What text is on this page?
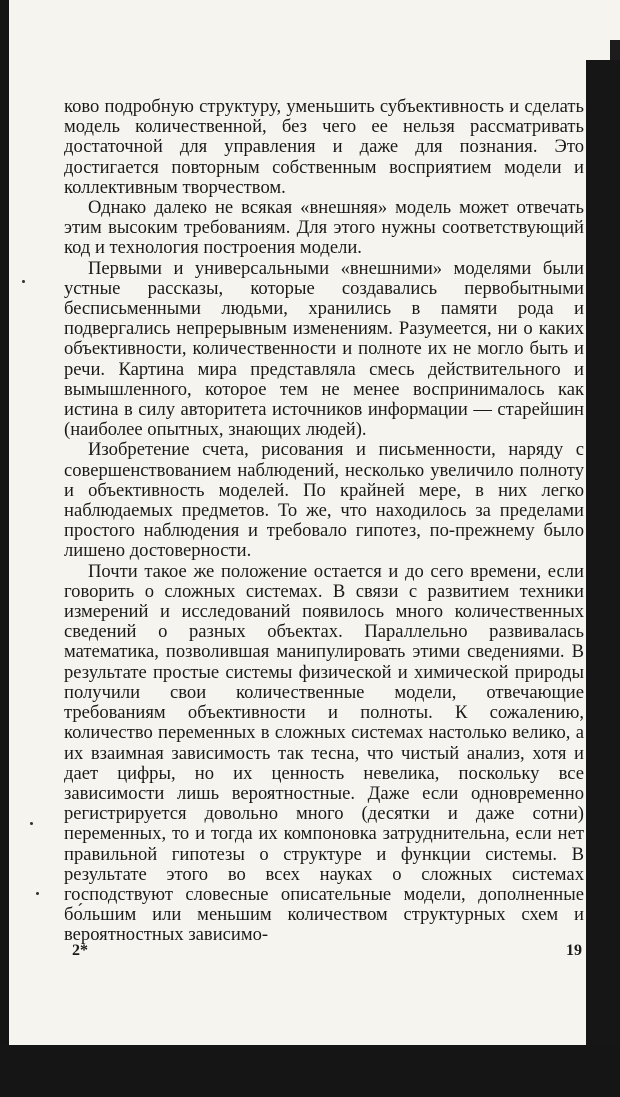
ково подробную структуру, уменьшить субъективность и сделать модель количественной, без чего ее нельзя рассматривать достаточной для управления и даже для познания. Это достигается повторным собственным восприятием модели и коллективным творчеством.

Однако далеко не всякая «внешняя» модель может отвечать этим высоким требованиям. Для этого нужны соответствующий код и технология построения модели.

Первыми и универсальными «внешними» моделями были устные рассказы, которые создавались первобытными бесписьменными людьми, хранились в памяти рода и подвергались непрерывным изменениям. Разумеется, ни о каких объективности, количественности и полноте их не могло быть и речи. Картина мира представляла смесь действительного и вымышленного, которое тем не менее воспринималось как истина в силу авторитета источников информации — старейшин (наиболее опытных, знающих людей).

Изобретение счета, рисования и письменности, наряду с совершенствованием наблюдений, несколько увеличило полноту и объективность моделей. По крайней мере, в них легко наблюдаемых предметов. То же, что находилось за пределами простого наблюдения и требовало гипотез, по-прежнему было лишено достоверности.

Почти такое же положение остается и до сего времени, если говорить о сложных системах. В связи с развитием техники измерений и исследований появилось много количественных сведений о разных объектах. Параллельно развивалась математика, позволившая манипулировать этими сведениями. В результате простые системы физической и химической природы получили свои количественные модели, отвечающие требованиям объективности и полноты. К сожалению, количество переменных в сложных системах настолько велико, а их взаимная зависимость так тесна, что чистый анализ, хотя и дает цифры, но их ценность невелика, поскольку все зависимости лишь вероятностные. Даже если одновременно регистрируется довольно много (десятки и даже сотни) переменных, то и тогда их компоновка затруднительна, если нет правильной гипотезы о структуре и функции системы. В результате этого во всех науках о сложных системах господствуют словесные описательные модели, дополненные бо́льшим или меньшим количеством структурных схем и вероятностных зависимо-

2*	19
